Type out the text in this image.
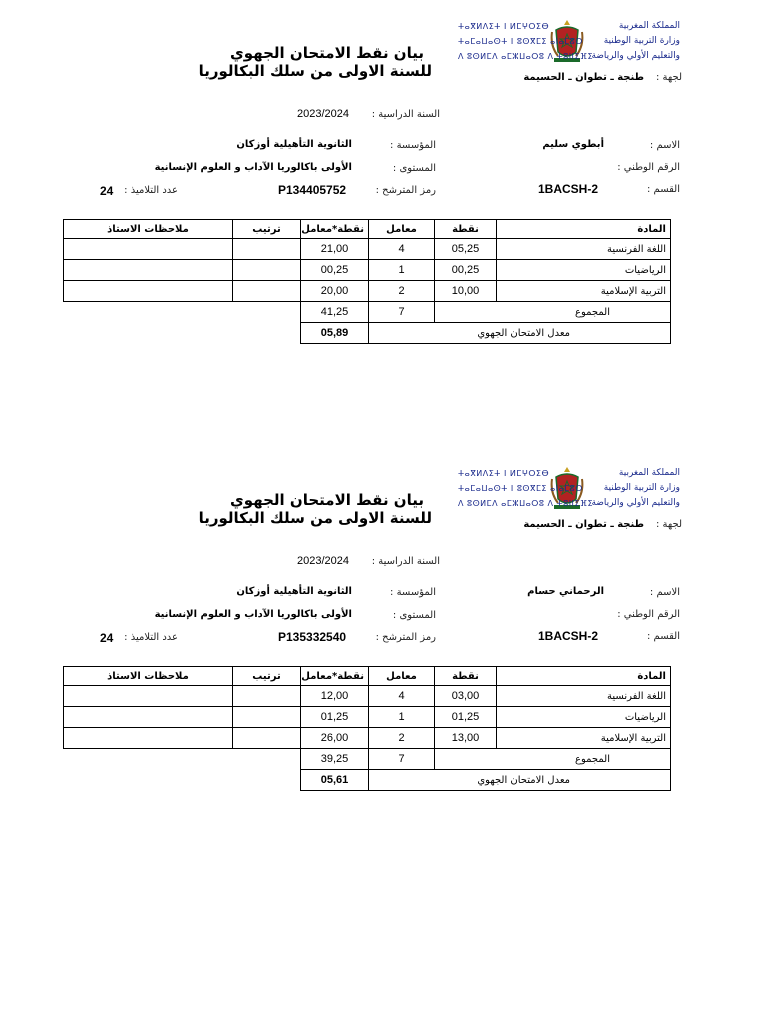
المملكة المغربية
وزارة التربية الوطنية
والتعليم الأولي والرياضة
ⵜⴰⴳⵍⴷⵉⵜ ⵏ ⵍⵎⵖⵔⵉⴱ
ⵜⴰⵎⴰⵡⴰⵙⵜ ⵏ ⵓⵙⴳⵎⵉ ⴰⵏⴰⵎⵓⵔ
ⴷ ⵓⵙⵍⵎⴷ ⴰⵎⵣⵡⴰⵔⵓ ⴷ ⵜⵓⵏⵏⵉⴼⵉ
بيان نقط الامتحان الجهوي
للسنة الاولى من سلك البكالوريا	لجهة :
طنجة ـ تطوان ـ الحسيمة
السنة الدراسية :
2023/2024
الاسم :
أبطوي سليم
الرقم الوطني :
القسم :
1BACSH-2
المؤسسة :
الثانوية التأهيلية أوزكان
المستوى :
الأولى باكالوريا الآداب و العلوم الإنسانية
رمز المترشح :
P134405752
عدد التلاميذ :
24
المادة	نقطة	معامل	نقطة*معامل	ترتيب	ملاحظات الاستاذ
اللغة الفرنسية	05,25	4	21,00		
الرياضيات	00,25	1	00,25		
التربية الإسلامية	10,00	2	20,00		
المجموع		7	41,25		
معدل الامتحان الجهوي			05,89		
المملكة المغربية
وزارة التربية الوطنية
والتعليم الأولي والرياضة
ⵜⴰⴳⵍⴷⵉⵜ ⵏ ⵍⵎⵖⵔⵉⴱ
ⵜⴰⵎⴰⵡⴰⵙⵜ ⵏ ⵓⵙⴳⵎⵉ ⴰⵏⴰⵎⵓⵔ
ⴷ ⵓⵙⵍⵎⴷ ⴰⵎⵣⵡⴰⵔⵓ ⴷ ⵜⵓⵏⵏⵉⴼⵉ
بيان نقط الامتحان الجهوي
للسنة الاولى من سلك البكالوريا	لجهة :
طنجة ـ تطوان ـ الحسيمة
السنة الدراسية :
2023/2024
الاسم :
الرحماني حسام
الرقم الوطني :
القسم :
1BACSH-2
المؤسسة :
الثانوية التأهيلية أوزكان
المستوى :
الأولى باكالوريا الآداب و العلوم الإنسانية
رمز المترشح :
P135332540
عدد التلاميذ :
24
المادة	نقطة	معامل	نقطة*معامل	ترتيب	ملاحظات الاستاذ
اللغة الفرنسية	03,00	4	12,00		
الرياضيات	01,25	1	01,25		
التربية الإسلامية	13,00	2	26,00		
المجموع		7	39,25		
معدل الامتحان الجهوي			05,61		
